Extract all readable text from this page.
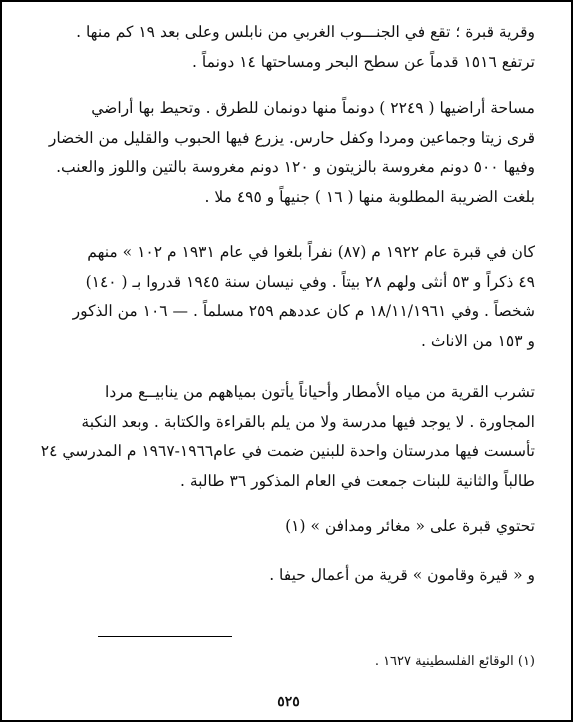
وقرية قبرة ؛ تقع في الجنـــوب الغربي من نابلس وعلى بعد ١٩ كم منها .
ترتفع ١٥١٦ قدماً عن سطح البحر ومساحتها ١٤ دونماً .
مساحة أراضيها ( ٢٢٤٩ ) دونماً منها دونمان للطرق . وتحيط بها أراضي
قرى زيتا وجماعين ومردا وكفل حارس. يزرع فيها الحبوب والقليل من الخضار
وفيها ٥٠٠ دونم مغروسة بالزيتون و ١٢٠ دونم مغروسة بالتين واللوز والعنب.
بلغت الضريبة المطلوبة منها ( ١٦ ) جنيهاً و ٤٩٥ ملا .
كان في قبرة عام ١٩٢٢ م (٨٧) نفراً بلغوا في عام ١٩٣١ م ١٠٢ » منهم
٤٩ ذكراً و ٥٣ أنثى ولهم ٢٨ بيتاً . وفي نيسان سنة ١٩٤٥ قدروا بـ ( ١٤٠)
شخصاً . وفي ١٨/١١/١٩٦١ م كان عددهم ٢٥٩ مسلماً . — ١٠٦ من الذكور
و ١٥٣ من الاناث .
تشرب القرية من مياه الأمطار وأحياناً يأتون بمياههم من ينابيــع مردا
المجاورة . لا يوجد فيها مدرسة ولا من يلم بالقراءة والكتابة . وبعد النكبة
تأسست فيها مدرستان واحدة للبنين ضمت في عام١٩٦٦-١٩٦٧ م المدرسي ٢٤
طالباً والثانية للبنات جمعت في العام المذكور ٣٦ طالبة .
تحتوي قبرة على « مغائر ومدافن » (١)
و « قيرة وقامون » قرية من أعمال حيفا .
(١) الوقائع الفلسطينية ١٦٢٧ .
٥٢٥
